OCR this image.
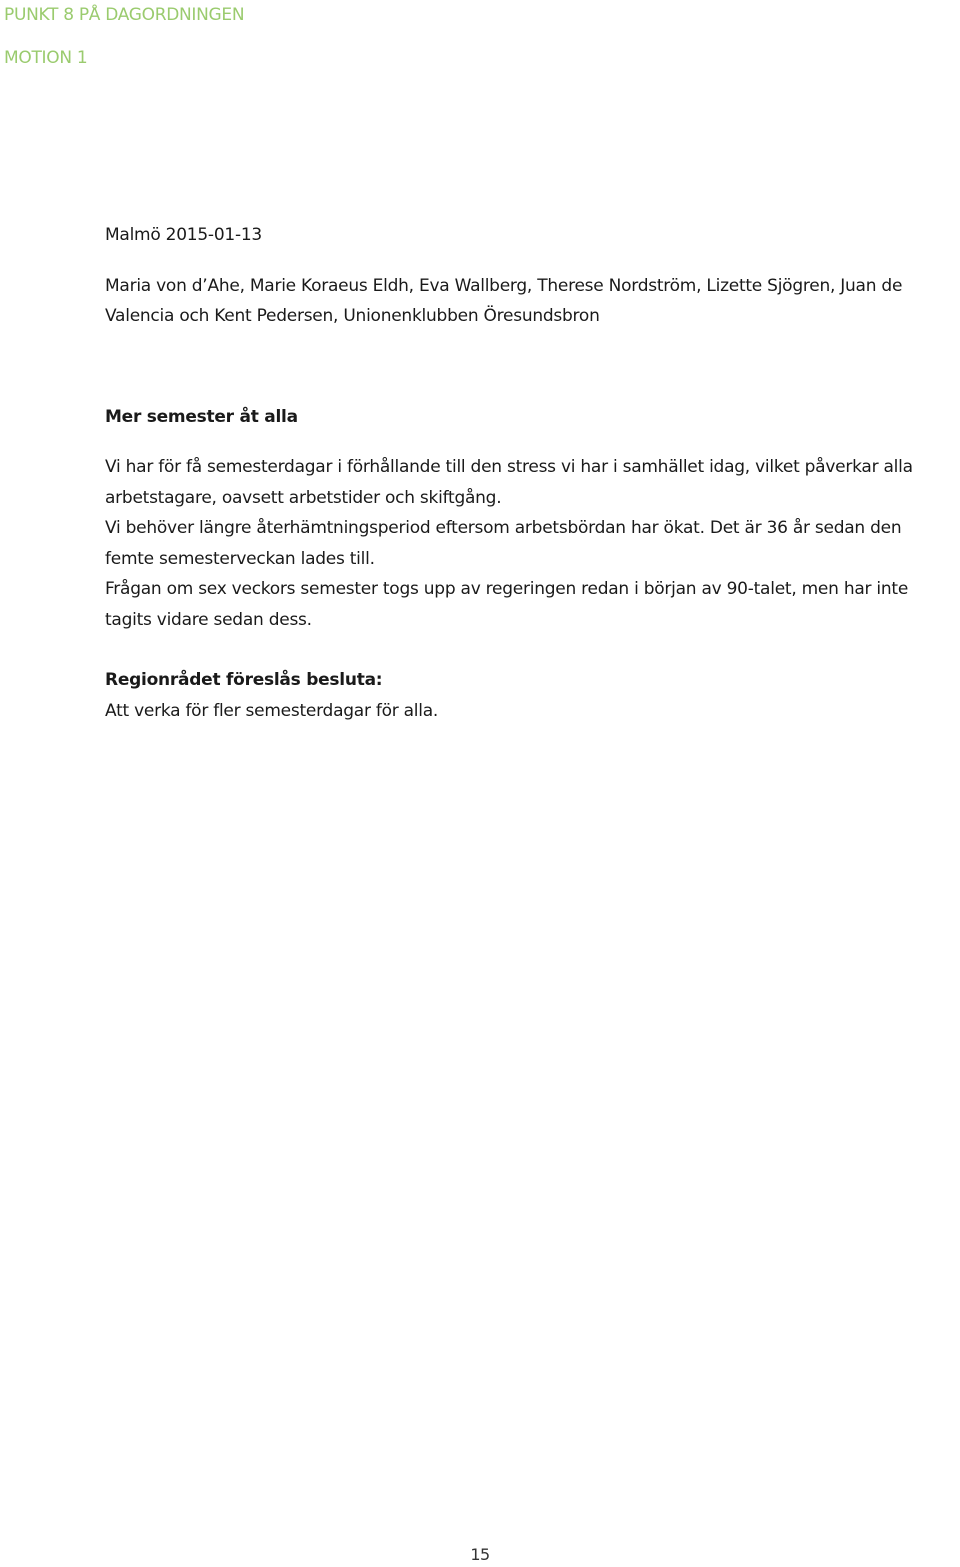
PUNKT 8 PÅ DAGORDNINGEN
MOTION 1

Malmö 2015-01-13

Maria von d’Ahe, Marie Koraeus Eldh, Eva Wallberg, Therese Nordström, Lizette Sjögren, Juan de Valencia och Kent Pedersen, Unionenklubben Öresundsbron

Mer semester åt alla

Vi har för få semesterdagar i förhållande till den stress vi har i samhället idag, vilket påverkar alla arbetstagare, oavsett arbetstider och skiftgång.

Vi behöver längre återhämtningsperiod eftersom arbetsbördan har ökat. Det är 36 år sedan den femte semesterveckan lades till.

Frågan om sex veckors semester togs upp av regeringen redan i början av 90-talet, men har inte tagits vidare sedan dess.

Regionrådet föreslås besluta:

Att verka för fler semesterdagar för alla.

15
